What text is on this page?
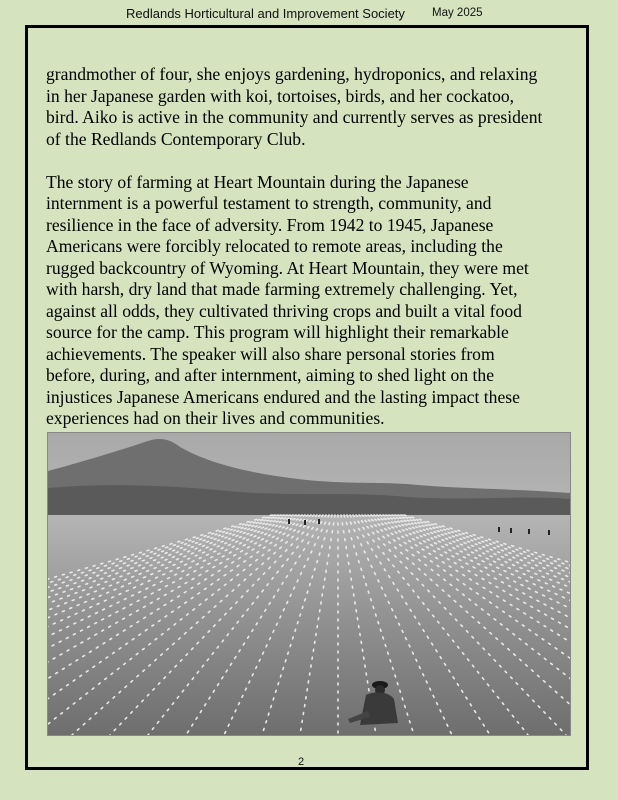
Redlands Horticultural and Improvement Society May 2025

grandmother of four, she enjoys gardening, hydroponics, and relaxing
in her Japanese garden with koi, tortoises, birds, and her cockatoo,
bird. Aiko is active in the community and currently serves as president
of the Redlands Contemporary Club.

The story of farming at Heart Mountain during the Japanese
internment is a powerful testament to strength, community, and
resilience in the face of adversity. From 1942 to 1945, Japanese
Americans were forcibly relocated to remote areas, including the
rugged backcountry of Wyoming. At Heart Mountain, they were met
with harsh, dry land that made farming extremely challenging. Yet,
against all odds, they cultivated thriving crops and built a vital food
source for the camp. This program will highlight their remarkable
achievements. The speaker will also share personal stories from
before, during, and after internment, aiming to shed light on the
injustices Japanese Americans endured and the lasting impact these
experiences had on their lives and communities.

2
